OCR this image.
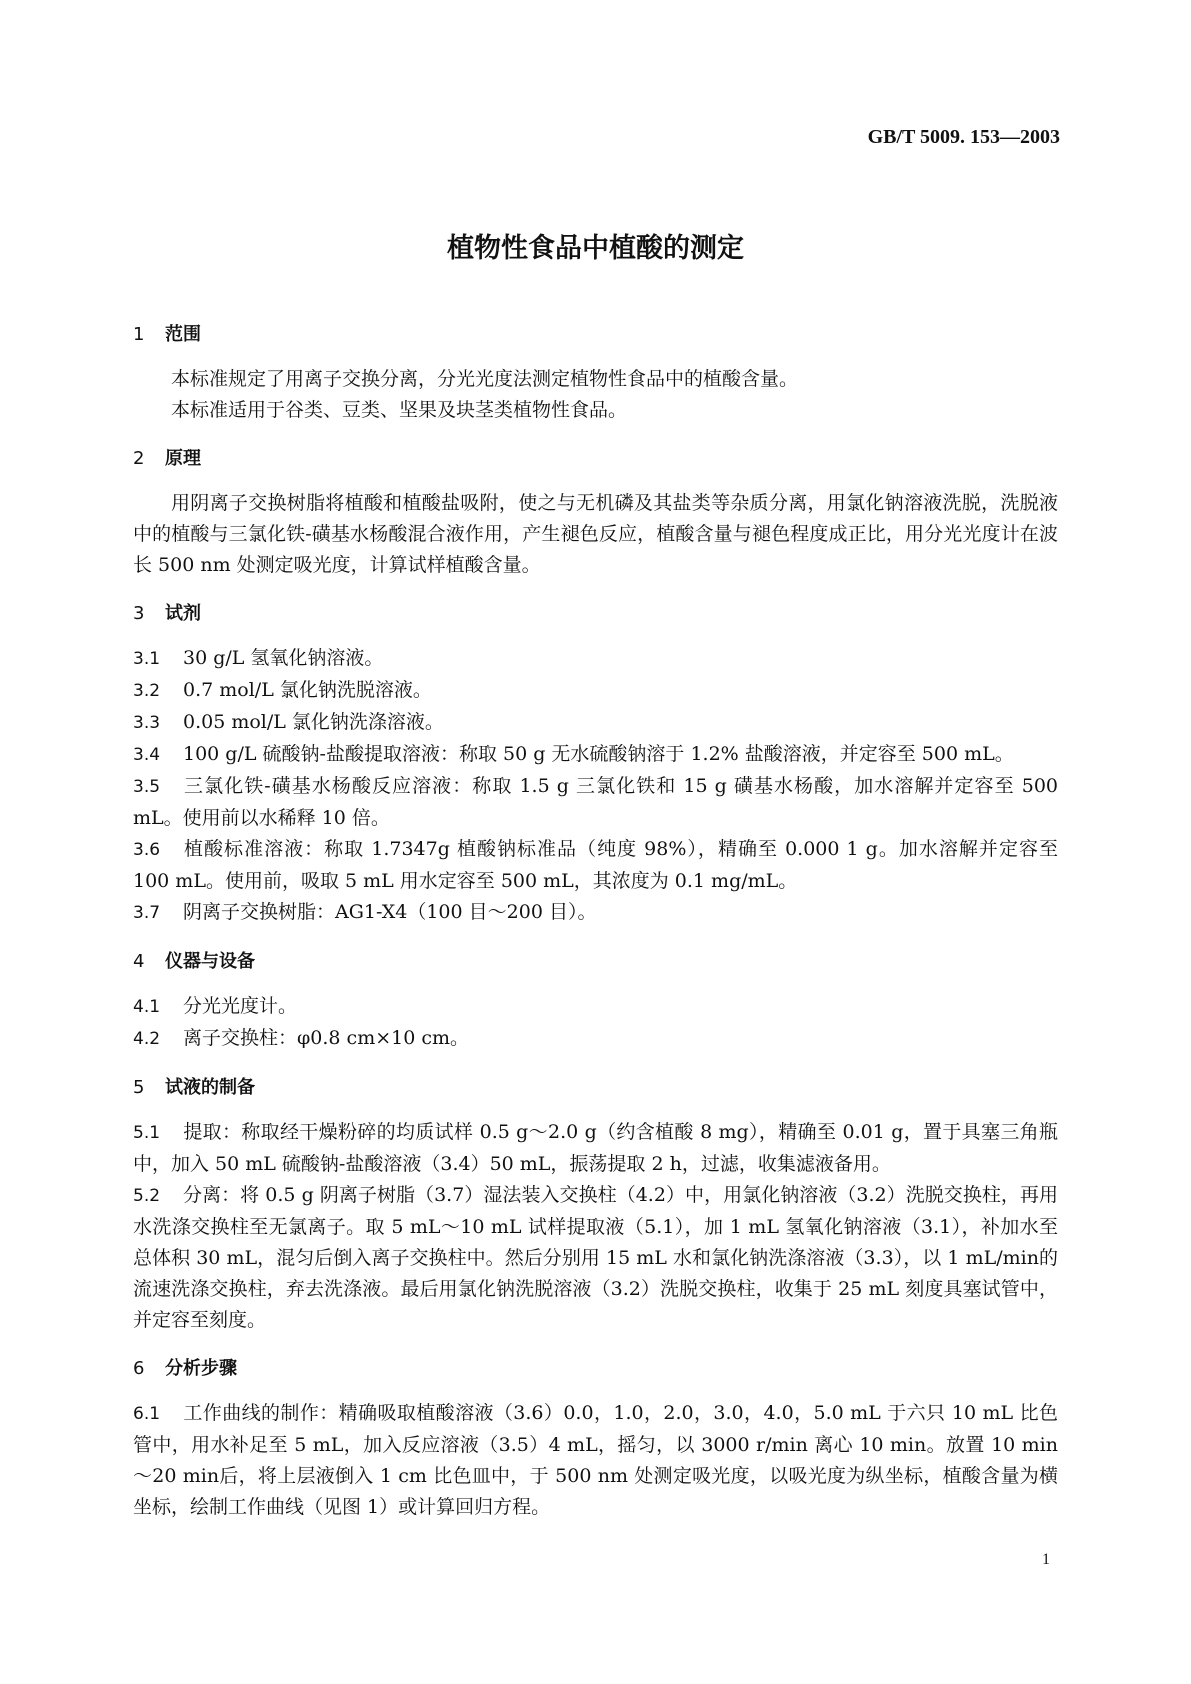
GB/T 5009. 153—2003
植物性食品中植酸的测定
1 范围

本标准规定了用离子交换分离，分光光度法测定植物性食品中的植酸含量。

本标准适用于谷类、豆类、坚果及块茎类植物性食品。

2 原理

用阴离子交换树脂将植酸和植酸盐吸附，使之与无机磷及其盐类等杂质分离，用氯化钠溶液洗脱，洗脱液中的植酸与三氯化铁-磺基水杨酸混合液作用，产生褪色反应，植酸含量与褪色程度成正比，用分光光度计在波长 500 nm 处测定吸光度，计算试样植酸含量。

3 试剂

3.1 30 g/L 氢氧化钠溶液。

3.2 0.7 mol/L 氯化钠洗脱溶液。

3.3 0.05 mol/L 氯化钠洗涤溶液。

3.4 100 g/L 硫酸钠-盐酸提取溶液：称取 50 g 无水硫酸钠溶于 1.2% 盐酸溶液，并定容至 500 mL。

3.5 三氯化铁-磺基水杨酸反应溶液：称取 1.5 g 三氯化铁和 15 g 磺基水杨酸，加水溶解并定容至 500 mL。使用前以水稀释 10 倍。

3.6 植酸标准溶液：称取 1.7347g 植酸钠标准品（纯度 98%），精确至 0.000 1 g。加水溶解并定容至 100 mL。使用前，吸取 5 mL 用水定容至 500 mL，其浓度为 0.1 mg/mL。

3.7 阴离子交换树脂：AG1-X4（100 目～200 目）。

4 仪器与设备

4.1 分光光度计。

4.2 离子交换柱：φ0.8 cm×10 cm。

5 试液的制备

5.1 提取：称取经干燥粉碎的均质试样 0.5 g～2.0 g（约含植酸 8 mg），精确至 0.01 g，置于具塞三角瓶中，加入 50 mL 硫酸钠-盐酸溶液（3.4）50 mL，振荡提取 2 h，过滤，收集滤液备用。

5.2 分离：将 0.5 g 阴离子树脂（3.7）湿法装入交换柱（4.2）中，用氯化钠溶液（3.2）洗脱交换柱，再用水洗涤交换柱至无氯离子。取 5 mL～10 mL 试样提取液（5.1），加 1 mL 氢氧化钠溶液（3.1），补加水至总体积 30 mL，混匀后倒入离子交换柱中。然后分别用 15 mL 水和氯化钠洗涤溶液（3.3），以 1 mL/min的流速洗涤交换柱，弃去洗涤液。最后用氯化钠洗脱溶液（3.2）洗脱交换柱，收集于 25 mL 刻度具塞试管中，并定容至刻度。

6 分析步骤

6.1 工作曲线的制作：精确吸取植酸溶液（3.6）0.0，1.0，2.0，3.0，4.0，5.0 mL 于六只 10 mL 比色管中，用水补足至 5 mL，加入反应溶液（3.5）4 mL，摇匀，以 3000 r/min 离心 10 min。放置 10 min～20 min后，将上层液倒入 1 cm 比色皿中，于 500 nm 处测定吸光度，以吸光度为纵坐标，植酸含量为横坐标，绘制工作曲线（见图 1）或计算回归方程。

1
